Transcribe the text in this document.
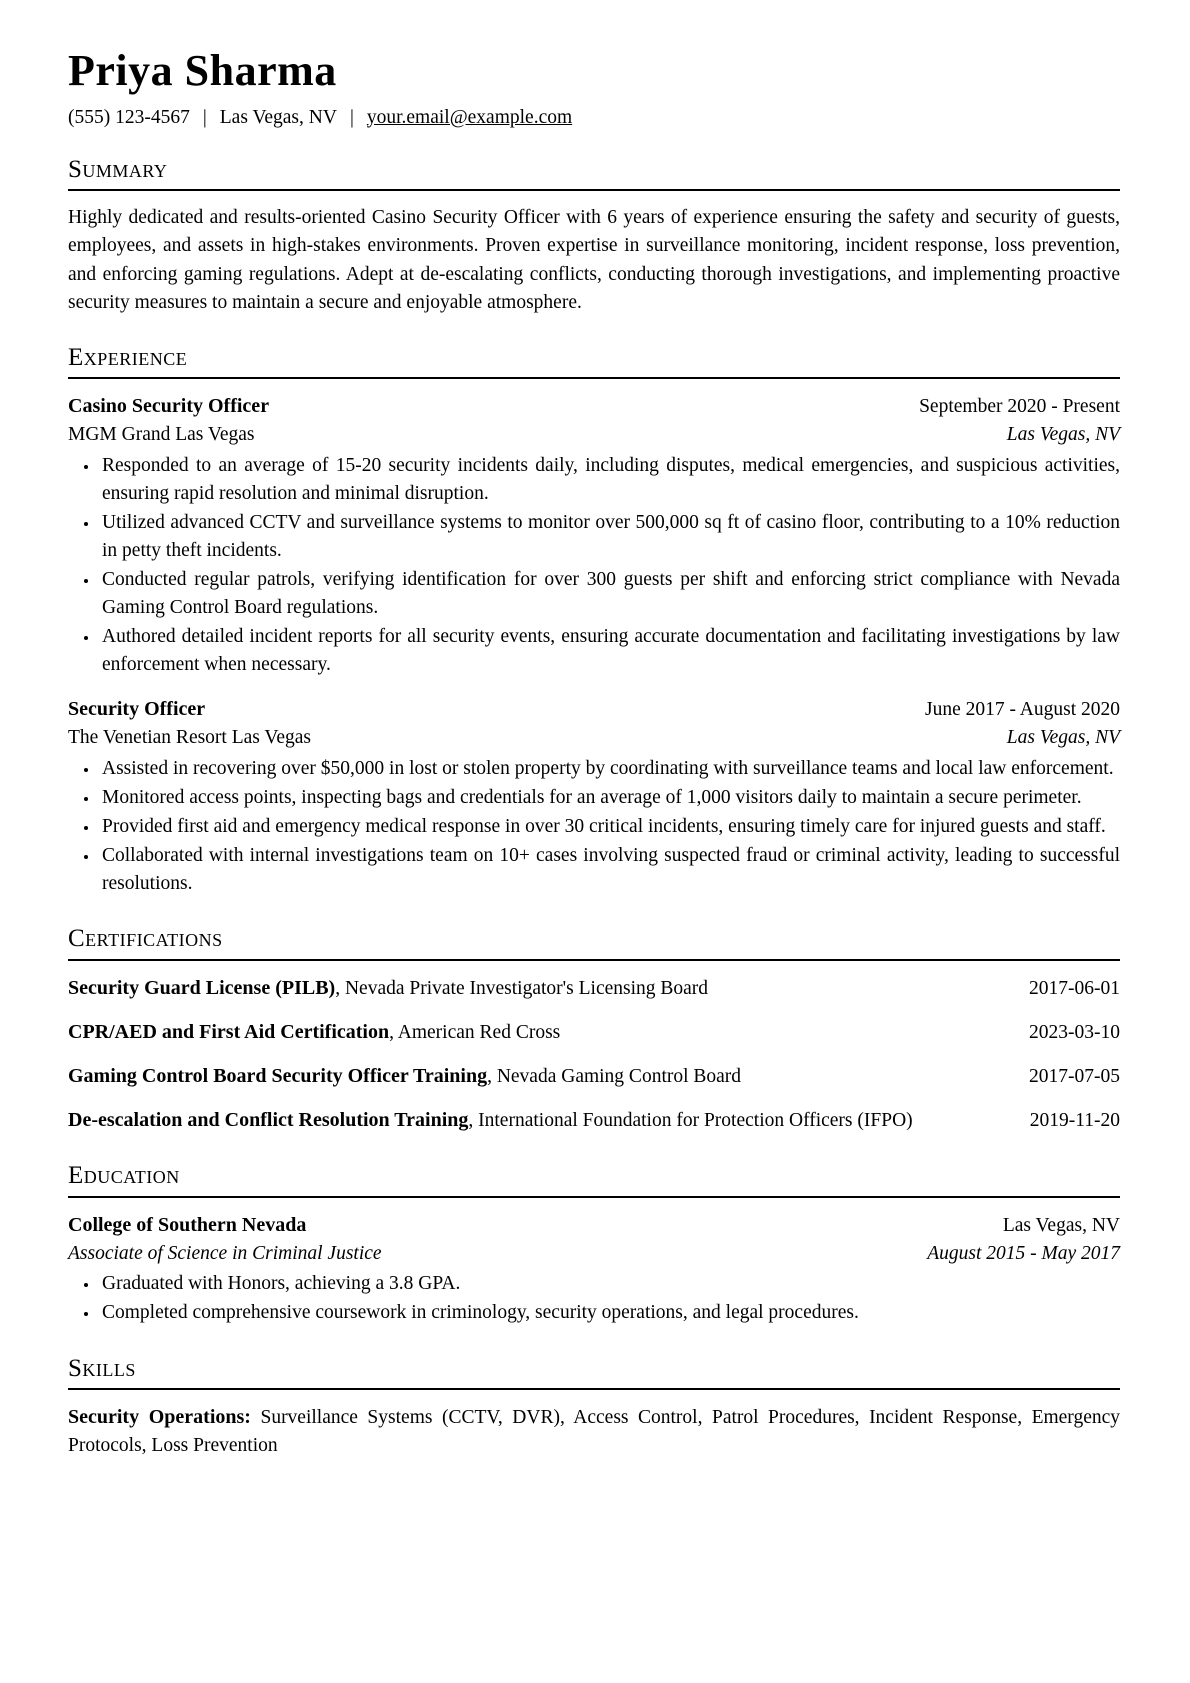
Priya Sharma
(555) 123-4567 | Las Vegas, NV | your.email@example.com
Summary

Highly dedicated and results-oriented Casino Security Officer with 6 years of experience ensuring the safety and security of guests, employees, and assets in high-stakes environments. Proven expertise in surveillance monitoring, incident response, loss prevention, and enforcing gaming regulations. Adept at de-escalating conflicts, conducting thorough investigations, and implementing proactive security measures to maintain a secure and enjoyable atmosphere.

Experience
Casino Security Officer	September 2020 - Present
MGM Grand Las Vegas	Las Vegas, NV
• Responded to an average of 15-20 security incidents daily, including disputes, medical emergencies, and suspicious activities, ensuring rapid resolution and minimal disruption.
• Utilized advanced CCTV and surveillance systems to monitor over 500,000 sq ft of casino floor, contributing to a 10% reduction in petty theft incidents.
• Conducted regular patrols, verifying identification for over 300 guests per shift and enforcing strict compliance with Nevada Gaming Control Board regulations.
• Authored detailed incident reports for all security events, ensuring accurate documentation and facilitating investigations by law enforcement when necessary.
Security Officer	June 2017 - August 2020
The Venetian Resort Las Vegas	Las Vegas, NV
• Assisted in recovering over $50,000 in lost or stolen property by coordinating with surveillance teams and local law enforcement.
• Monitored access points, inspecting bags and credentials for an average of 1,000 visitors daily to maintain a secure perimeter.
• Provided first aid and emergency medical response in over 30 critical incidents, ensuring timely care for injured guests and staff.
• Collaborated with internal investigations team on 10+ cases involving suspected fraud or criminal activity, leading to successful resolutions.
Certifications
Security Guard License (PILB), Nevada Private Investigator's Licensing Board	2017-06-01
CPR/AED and First Aid Certification, American Red Cross	2023-03-10
Gaming Control Board Security Officer Training, Nevada Gaming Control Board	2017-07-05
De-escalation and Conflict Resolution Training, International Foundation for Protection Officers (IFPO)	2019-11-20
Education
College of Southern Nevada	Las Vegas, NV
Associate of Science in Criminal Justice	August 2015 - May 2017
• Graduated with Honors, achieving a 3.8 GPA.
• Completed comprehensive coursework in criminology, security operations, and legal procedures.
Skills

Security Operations: Surveillance Systems (CCTV, DVR), Access Control, Patrol Procedures, Incident Response, Emergency Protocols, Loss Prevention
